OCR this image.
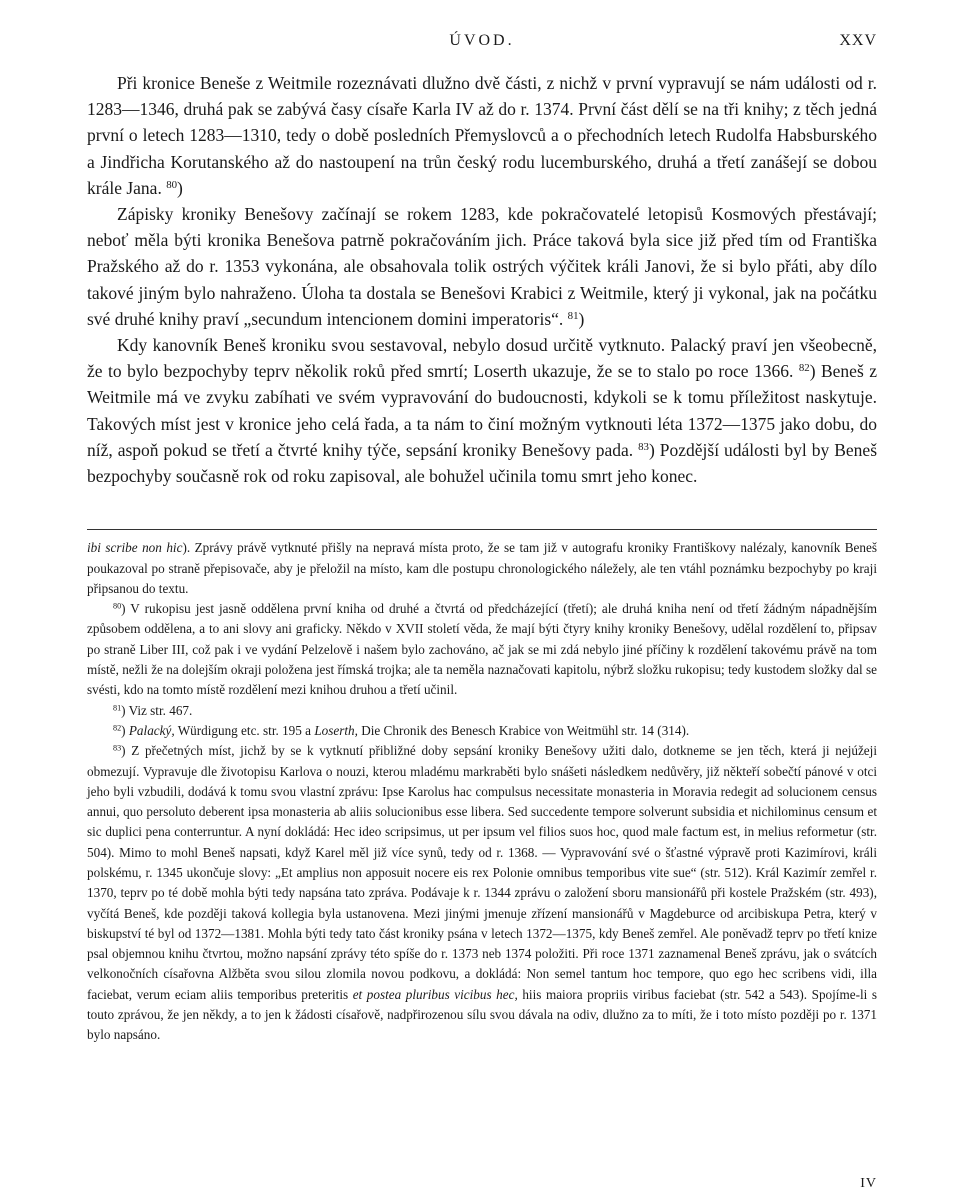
ÚVOD.	XXV

Při kronice Beneše z Weitmile rozeznávati dlužno dvě části, z nichž v první vypravují se nám události od r. 1283—1346, druhá pak se zabývá časy císaře Karla IV až do r. 1374. První část dělí se na tři knihy; z těch jedná první o letech 1283—1310, tedy o době posledních Přemyslovců a o přechodních letech Rudolfa Habsburského a Jindřicha Korutanského až do nastoupení na trůn český rodu lucemburského, druhá a třetí zanášejí se dobou krále Jana. $^{80}$)

Zápisky kroniky Benešovy začínají se rokem 1283, kde pokračovatelé letopisů Kosmových přestávají; neboť měla býti kronika Benešova patrně pokračováním jich. Práce taková byla sice již před tím od Františka Pražského až do r. 1353 vykonána, ale obsahovala tolik ostrých výčitek králi Janovi, že si bylo přáti, aby dílo takové jiným bylo nahraženo. Úloha ta dostala se Benešovi Krabici z Weitmile, který ji vykonal, jak na počátku své druhé knihy praví „secundum intencionem domini imperatoris“. $^{81}$)

Kdy kanovník Beneš kroniku svou sestavoval, nebylo dosud určitě vytknuto. Palacký praví jen všeobecně, že to bylo bezpochyby teprv několik roků před smrtí; Loserth ukazuje, že se to stalo po roce 1366. $^{82}$) Beneš z Weitmile má ve zvyku zabíhati ve svém vypravování do budoucnosti, kdykoli se k tomu příležitost naskytuje. Takových míst jest v kronice jeho celá řada, a ta nám to činí možným vytknouti léta 1372—1375 jako dobu, do níž, aspoň pokud se třetí a čtvrté knihy týče, sepsání kroniky Benešovy pada. $^{83}$) Pozdější události byl by Beneš bezpochyby současně rok od roku zapisoval, ale bohužel učinila tomu smrt jeho konec.

ibi scribe non hic). Zprávy právě vytknuté přišly na nepravá místa proto, že se tam již v autografu kroniky Františkovy nalézaly, kanovník Beneš poukazoval po straně přepisovače, aby je přeložil na místo, kam dle postupu chronologického náležely, ale ten vtáhl poznámku bezpochyby po kraji připsanou do textu.

$^{80}$) V rukopisu jest jasně oddělena první kniha od druhé a čtvrtá od předcházející (třetí); ale druhá kniha není od třetí žádným nápadnějším způsobem oddělena, a to ani slovy ani graficky. Někdo v XVII století věda, že mají býti čtyry knihy kroniky Benešovy, udělal rozdělení to, připsav po straně Liber III, což pak i ve vydání Pelzelově i našem bylo zachováno, ač jak se mi zdá nebylo jiné příčiny k rozdělení takovému právě na tom místě, nežli že na dolejším okraji položena jest římská trojka; ale ta neměla naznačovati kapitolu, nýbrž složku rukopisu; tedy kustodem složky dal se svésti, kdo na tomto místě rozdělení mezi knihou druhou a třetí učinil.

$^{81}$) Viz str. 467.

$^{82}$) Palacký, Würdigung etc. str. 195 a Loserth, Die Chronik des Benesch Krabice von Weitmühl str. 14 (314).

$^{83}$) Z přečetných míst, jichž by se k vytknutí přibližné doby sepsání kroniky Benešovy užiti dalo, dotkneme se jen těch, která ji nejúžeji obmezují. Vypravuje dle životopisu Karlova o nouzi, kterou mladému markraběti bylo snášeti následkem nedůvěry, již někteří sobečtí pánové v otci jeho byli vzbudili, dodává k tomu svou vlastní zprávu: Ipse Karolus hac compulsus necessitate monasteria in Moravia redegit ad solucionem census annui, quo persoluto deberent ipsa monasteria ab aliis solucionibus esse libera. Sed succedente tempore solverunt subsidia et nichilominus censum et sic duplici pena conterruntur. A nyní dokládá: Hec ideo scripsimus, ut per ipsum vel filios suos hoc, quod male factum est, in melius reformetur (str. 504). Mimo to mohl Beneš napsati, když Karel měl již více synů, tedy od r. 1368. — Vypravování své o šťastné výpravě proti Kazimírovi, králi polskému, r. 1345 ukončuje slovy: „Et amplius non apposuit nocere eis rex Polonie omnibus temporibus vite sue“ (str. 512). Král Kazimír zemřel r. 1370, teprv po té době mohla býti tedy napsána tato zpráva. Podávaje k r. 1344 zprávu o založení sboru mansionářů při kostele Pražském (str. 493), vyčítá Beneš, kde později taková kollegia byla ustanovena. Mezi jinými jmenuje zřízení mansionářů v Magdeburce od arcibiskupa Petra, který v biskupství té byl od 1372—1381. Mohla býti tedy tato část kroniky psána v letech 1372—1375, kdy Beneš zemřel. Ale poněvadž teprv po třetí knize psal objemnou knihu čtvrtou, možno napsání zprávy této spíše do r. 1373 neb 1374 položiti. Při roce 1371 zaznamenal Beneš zprávu, jak o svátcích velkonočních císařovna Alžběta svou silou zlomila novou podkovu, a dokládá: Non semel tantum hoc tempore, quo ego hec scribens vidi, illa faciebat, verum eciam aliis temporibus preteritis et postea pluribus vicibus hec, hiis maiora propriis viribus faciebat (str. 542 a 543). Spojíme-li s touto zprávou, že jen někdy, a to jen k žádosti císařově, nadpřirozenou sílu svou dávala na odiv, dlužno za to míti, že i toto místo později po r. 1371 bylo napsáno.

IV
